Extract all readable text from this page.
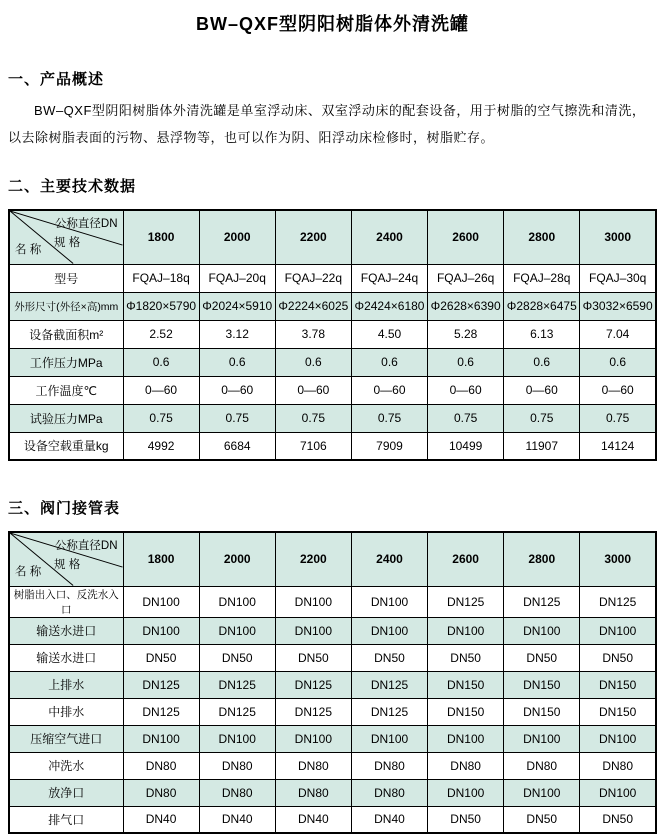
BW–QXF型阴阳树脂体外清洗罐
一、产品概述

BW–QXF型阴阳树脂体外清洗罐是单室浮动床、双室浮动床的配套设备，用于树脂的空气擦洗和清洗，以去除树脂表面的污物、悬浮物等，也可以作为阴、阳浮动床检修时，树脂贮存。

二、主要技术数据
公称直径DN
规 格
名 称	1800	2000	2200	2400	2600	2800	3000
型号	FQAJ–18q	FQAJ–20q	FQAJ–22q	FQAJ–24q	FQAJ–26q	FQAJ–28q	FQAJ–30q
外形尺寸(外径×高)mm	Φ1820×5790	Φ2024×5910	Φ2224×6025	Φ2424×6180	Φ2628×6390	Φ2828×6475	Φ3032×6590
设备截面积m²	2.52	3.12	3.78	4.50	5.28	6.13	7.04
工作压力MPa	0.6	0.6	0.6	0.6	0.6	0.6	0.6
工作温度℃	0—60	0—60	0—60	0—60	0—60	0—60	0—60
试验压力MPa	0.75	0.75	0.75	0.75	0.75	0.75	0.75
设备空载重量kg	4992	6684	7106	7909	10499	11907	14124
三、阀门接管表
公称直径DN
规 格
名 称	1800	2000	2200	2400	2600	2800	3000
树脂出入口、反洗水入口	DN100	DN100	DN100	DN100	DN125	DN125	DN125
输送水进口	DN100	DN100	DN100	DN100	DN100	DN100	DN100
输送水进口	DN50	DN50	DN50	DN50	DN50	DN50	DN50
上排水	DN125	DN125	DN125	DN125	DN150	DN150	DN150
中排水	DN125	DN125	DN125	DN125	DN150	DN150	DN150
压缩空气进口	DN100	DN100	DN100	DN100	DN100	DN100	DN100
冲洗水	DN80	DN80	DN80	DN80	DN80	DN80	DN80
放净口	DN80	DN80	DN80	DN80	DN100	DN100	DN100
排气口	DN40	DN40	DN40	DN40	DN50	DN50	DN50
